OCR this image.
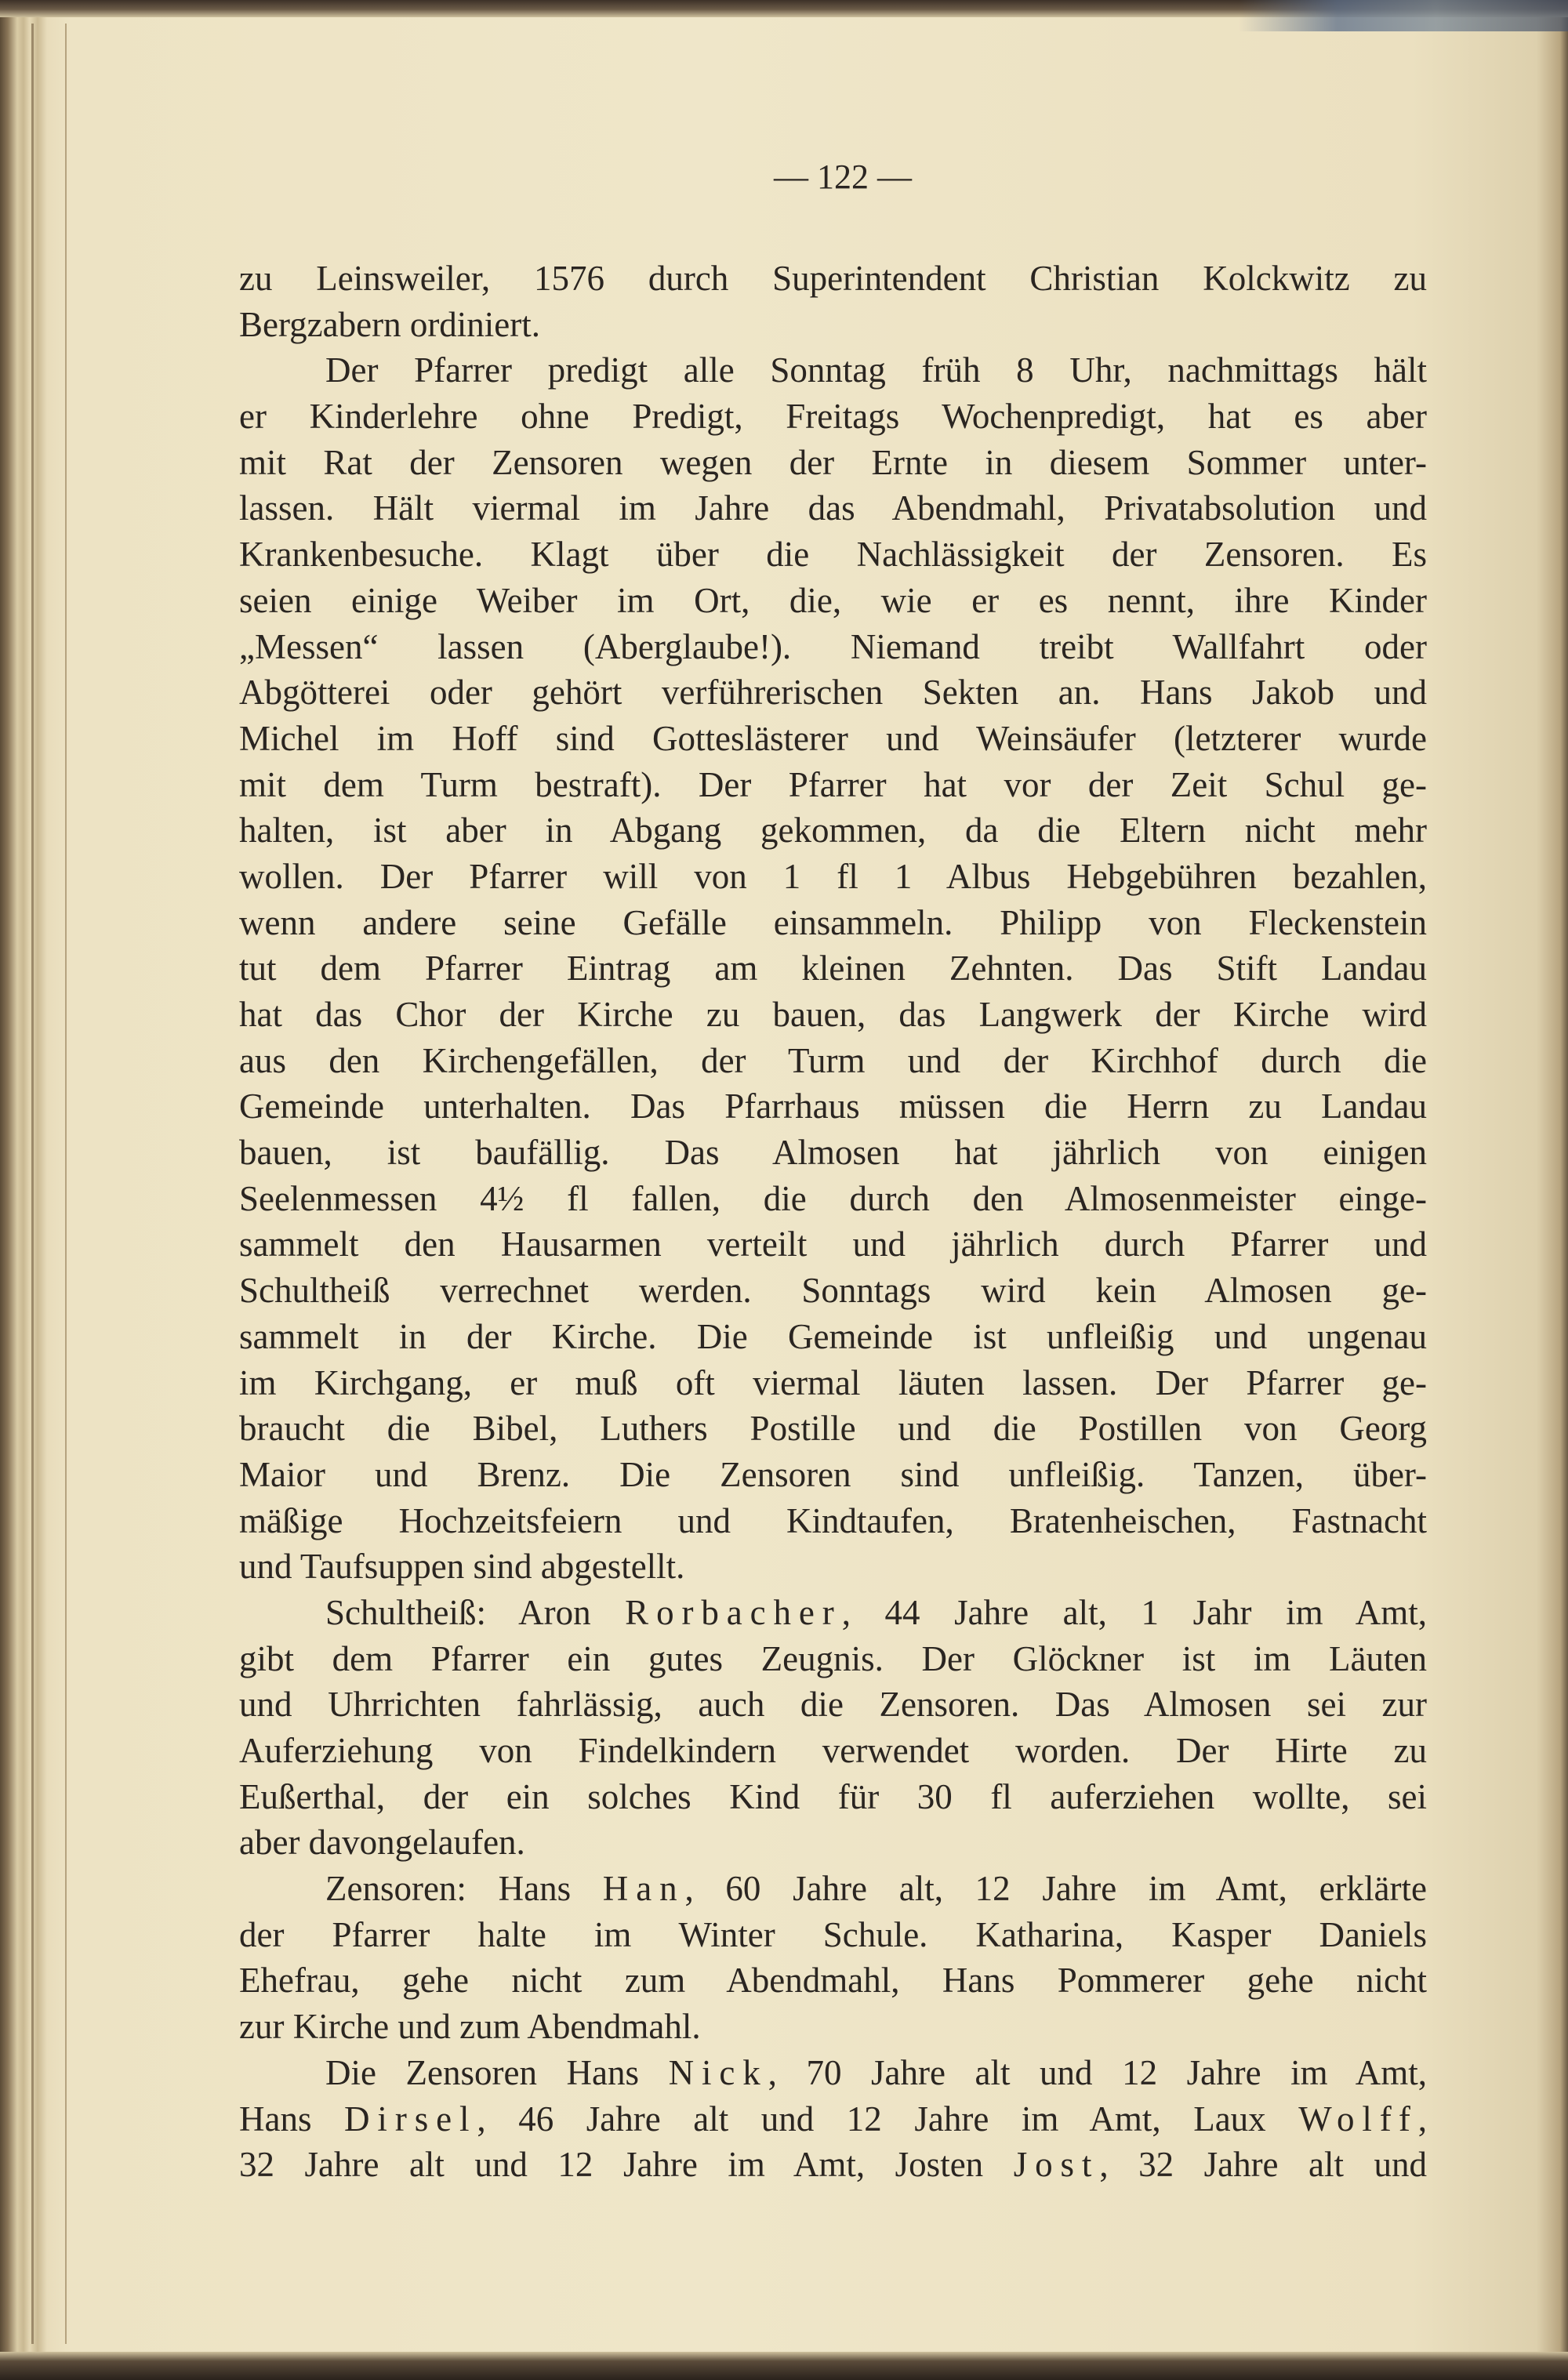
— 122 —
zu Leinsweiler, 1576 durch Superintendent Christian Kolckwitz zu
Bergzabern ordiniert.
Der Pfarrer predigt alle Sonntag früh 8 Uhr, nachmittags hält
er Kinderlehre ohne Predigt, Freitags Wochenpredigt, hat es aber
mit Rat der Zensoren wegen der Ernte in diesem Sommer unter-
lassen. Hält viermal im Jahre das Abendmahl, Privatabsolution und
Krankenbesuche. Klagt über die Nachlässigkeit der Zensoren. Es
seien einige Weiber im Ort, die, wie er es nennt, ihre Kinder
„Messen“ lassen (Aberglaube!). Niemand treibt Wallfahrt oder
Abgötterei oder gehört verführerischen Sekten an. Hans Jakob und
Michel im Hoff sind Gotteslästerer und Weinsäufer (letzterer wurde
mit dem Turm bestraft). Der Pfarrer hat vor der Zeit Schul ge-
halten, ist aber in Abgang gekommen, da die Eltern nicht mehr
wollen. Der Pfarrer will von 1 fl 1 Albus Hebgebühren bezahlen,
wenn andere seine Gefälle einsammeln. Philipp von Fleckenstein
tut dem Pfarrer Eintrag am kleinen Zehnten. Das Stift Landau
hat das Chor der Kirche zu bauen, das Langwerk der Kirche wird
aus den Kirchengefällen, der Turm und der Kirchhof durch die
Gemeinde unterhalten. Das Pfarrhaus müssen die Herrn zu Landau
bauen, ist baufällig. Das Almosen hat jährlich von einigen
Seelenmessen 4½ fl fallen, die durch den Almosenmeister einge-
sammelt den Hausarmen verteilt und jährlich durch Pfarrer und
Schultheiß verrechnet werden. Sonntags wird kein Almosen ge-
sammelt in der Kirche. Die Gemeinde ist unfleißig und ungenau
im Kirchgang, er muß oft viermal läuten lassen. Der Pfarrer ge-
braucht die Bibel, Luthers Postille und die Postillen von Georg
Maior und Brenz. Die Zensoren sind unfleißig. Tanzen, über-
mäßige Hochzeitsfeiern und Kindtaufen, Bratenheischen, Fastnacht
und Taufsuppen sind abgestellt.
Schultheiß: Aron Rorbacher, 44 Jahre alt, 1 Jahr im Amt,
gibt dem Pfarrer ein gutes Zeugnis. Der Glöckner ist im Läuten
und Uhrrichten fahrlässig, auch die Zensoren. Das Almosen sei zur
Auferziehung von Findelkindern verwendet worden. Der Hirte zu
Eußerthal, der ein solches Kind für 30 fl auferziehen wollte, sei
aber davongelaufen.
Zensoren: Hans Han, 60 Jahre alt, 12 Jahre im Amt, erklärte
der Pfarrer halte im Winter Schule. Katharina, Kasper Daniels
Ehefrau, gehe nicht zum Abendmahl, Hans Pommerer gehe nicht
zur Kirche und zum Abendmahl.
Die Zensoren Hans Nick, 70 Jahre alt und 12 Jahre im Amt,
Hans Dirsel, 46 Jahre alt und 12 Jahre im Amt, Laux Wolff,
32 Jahre alt und 12 Jahre im Amt, Josten Jost, 32 Jahre alt und
